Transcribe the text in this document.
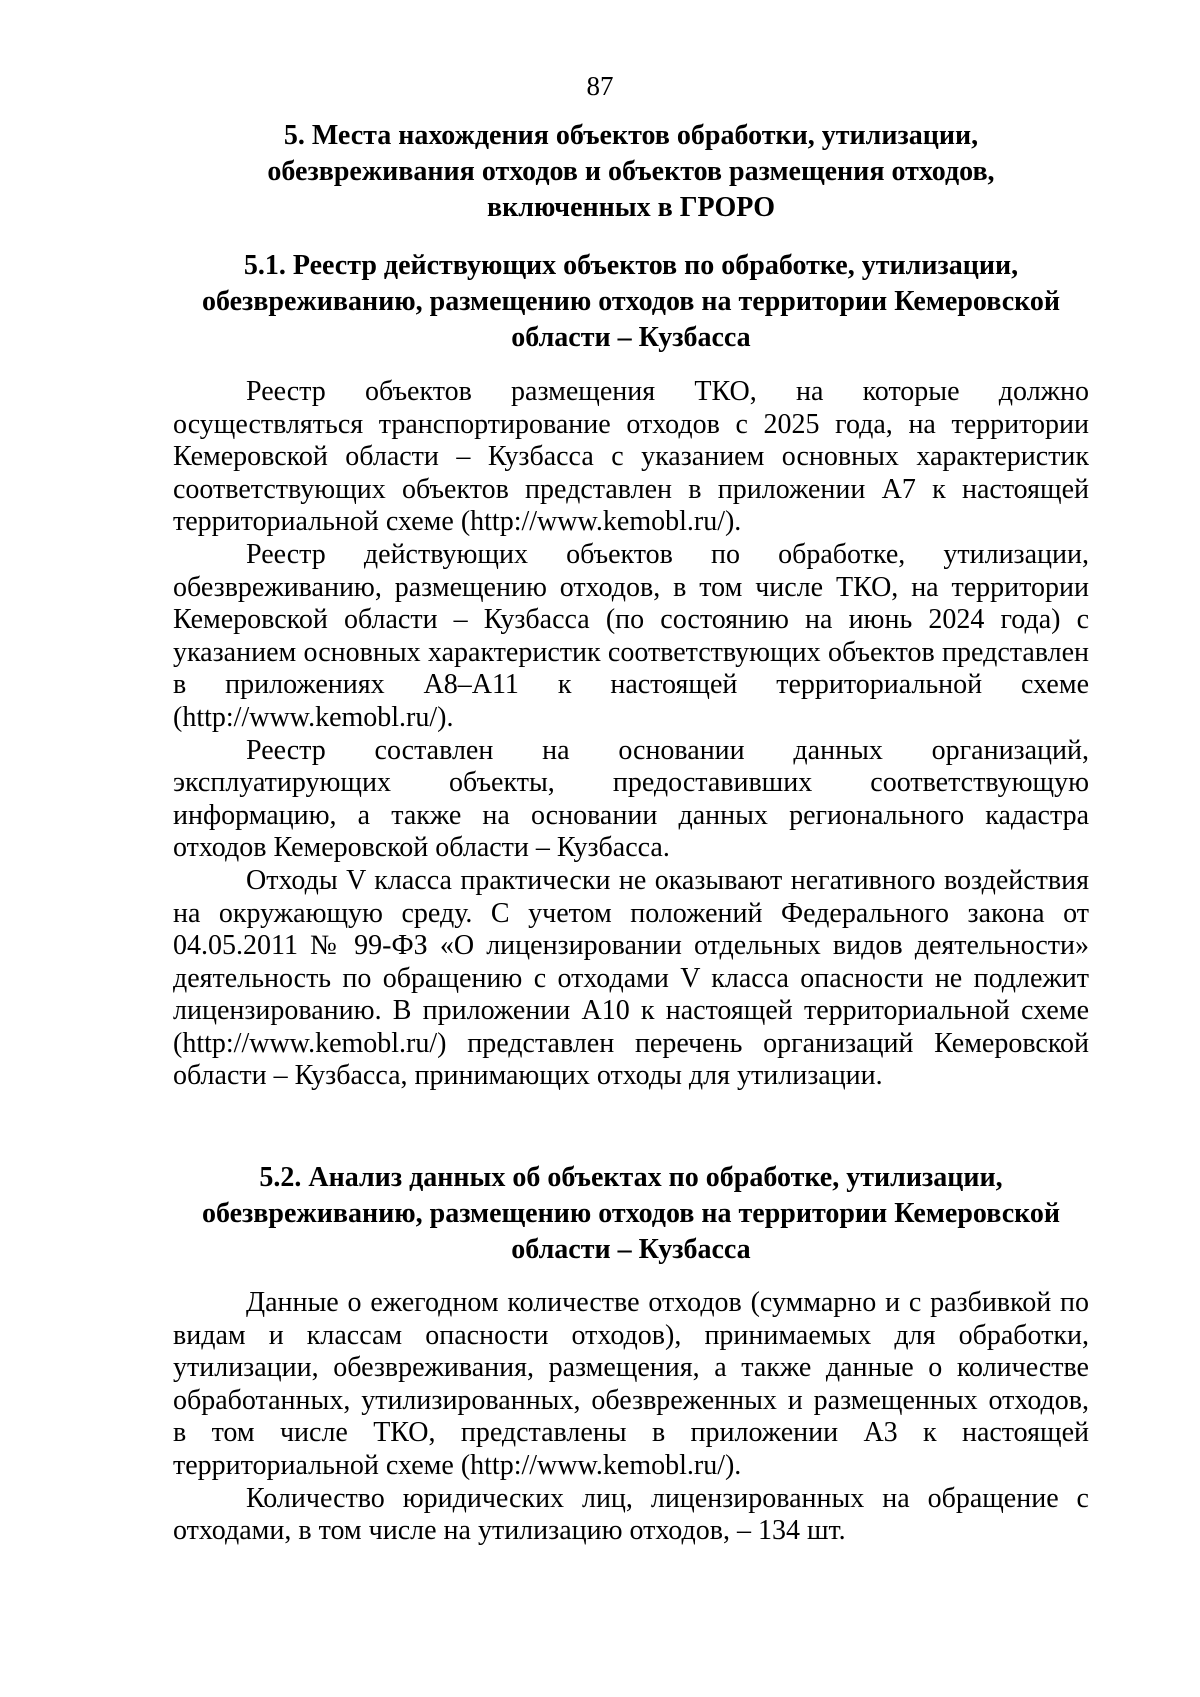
87
5. Места нахождения объектов обработки, утилизации,
обезвреживания отходов и объектов размещения отходов,
включенных в ГРОРО
5.1. Реестр действующих объектов по обработке, утилизации,
обезвреживанию, размещению отходов на территории Кемеровской
области – Кузбасса

Реестр объектов размещения ТКО, на которые должно осуществляться транспортирование отходов с 2025 года, на территории Кемеровской области – Кузбасса с указанием основных характеристик соответствующих объектов представлен в приложении А7 к настоящей территориальной схеме (http://www.kemobl.ru/).

Реестр действующих объектов по обработке, утилизации, обезвреживанию, размещению отходов, в том числе ТКО, на территории Кемеровской области – Кузбасса (по состоянию на июнь 2024 года) с указанием основных характеристик соответствующих объектов представлен в приложениях А8–А11 к настоящей территориальной схеме (http://www.kemobl.ru/).

Реестр составлен на основании данных организаций, эксплуатирующих объекты, предоставивших соответствующую информацию, а также на основании данных регионального кадастра отходов Кемеровской области – Кузбасса.

Отходы V класса практически не оказывают негативного воздействия на окружающую среду. С учетом положений Федерального закона от 04.05.2011 № 99-ФЗ «О лицензировании отдельных видов деятельности» деятельность по обращению с отходами V класса опасности не подлежит лицензированию. В приложении А10 к настоящей территориальной схеме (http://www.kemobl.ru/) представлен перечень организаций Кемеровской области – Кузбасса, принимающих отходы для утилизации.

5.2. Анализ данных об объектах по обработке, утилизации,
обезвреживанию, размещению отходов на территории Кемеровской
области – Кузбасса

Данные о ежегодном количестве отходов (суммарно и с разбивкой по видам и классам опасности отходов), принимаемых для обработки, утилизации, обезвреживания, размещения, а также данные о количестве обработанных, утилизированных, обезвреженных и размещенных отходов, в том числе ТКО, представлены в приложении А3 к настоящей территориальной схеме (http://www.kemobl.ru/).

Количество юридических лиц, лицензированных на обращение с отходами, в том числе на утилизацию отходов, – 134 шт.
